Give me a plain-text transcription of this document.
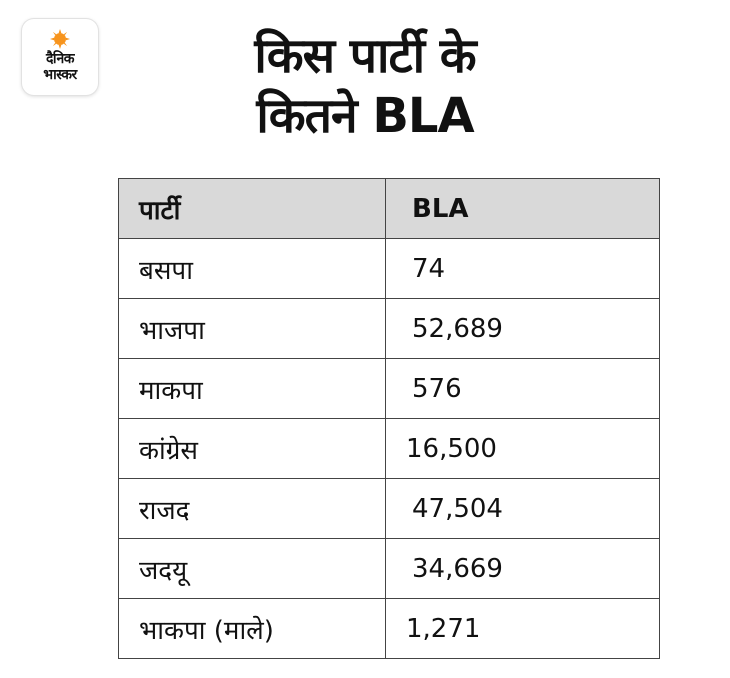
दैनिक
भास्कर	किस पार्टी के
कितने BLA
पार्टी	BLA
बसपा	74
भाजपा	52,689
माकपा	576
कांग्रेस	16,500
राजद	47,504
जदयू	34,669
भाकपा (माले)	1,271
